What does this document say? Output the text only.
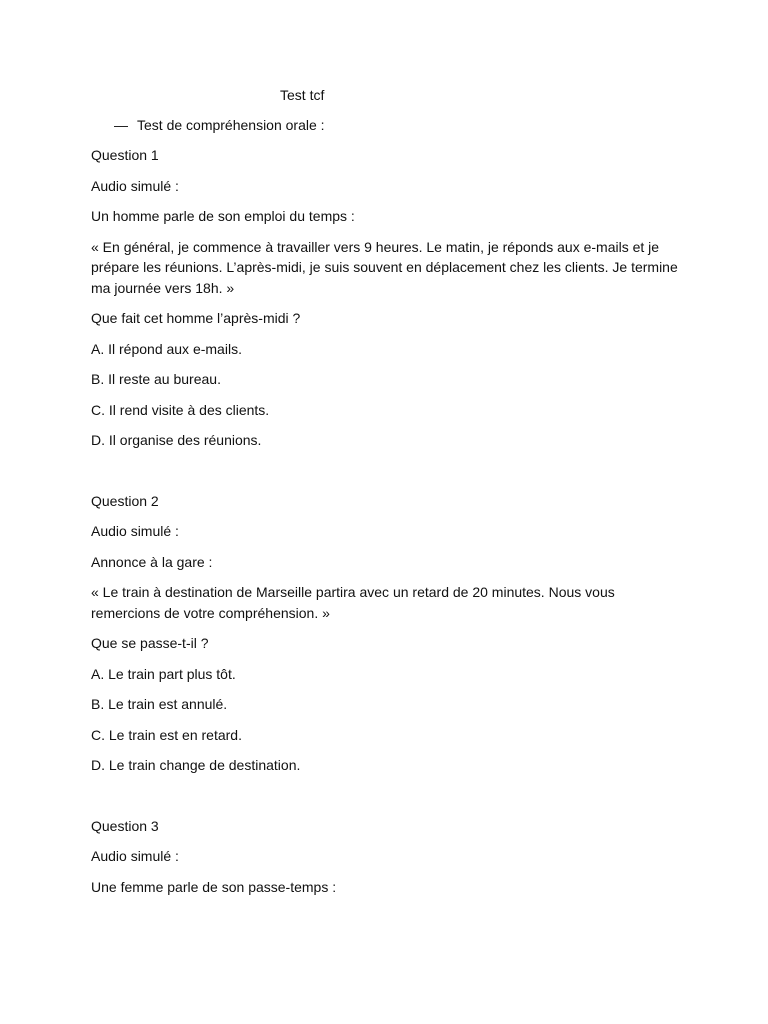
Test tcf

— Test de compréhension orale :

Question 1

Audio simulé :

Un homme parle de son emploi du temps :

« En général, je commence à travailler vers 9 heures. Le matin, je réponds aux e-mails et je prépare les réunions. L’après-midi, je suis souvent en déplacement chez les clients. Je termine ma journée vers 18h. »

Que fait cet homme l’après-midi ?

A. Il répond aux e-mails.

B. Il reste au bureau.

C. Il rend visite à des clients.

D. Il organise des réunions.

Question 2

Audio simulé :

Annonce à la gare :

« Le train à destination de Marseille partira avec un retard de 20 minutes. Nous vous remercions de votre compréhension. »

Que se passe-t-il ?

A. Le train part plus tôt.

B. Le train est annulé.

C. Le train est en retard.

D. Le train change de destination.

Question 3

Audio simulé :

Une femme parle de son passe-temps :
